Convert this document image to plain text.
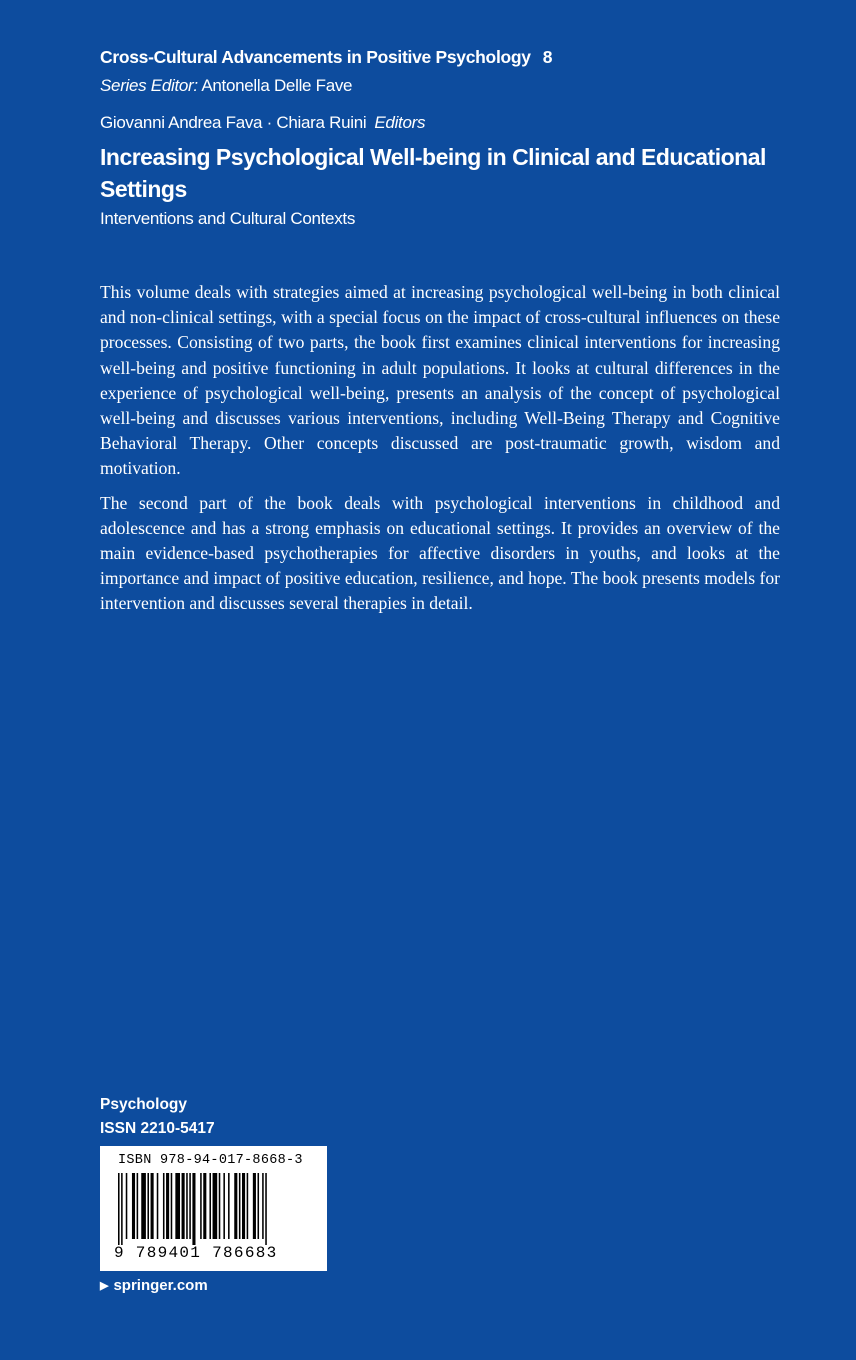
Cross-Cultural Advancements in Positive Psychology 8
Series Editor: Antonella Delle Fave
Giovanni Andrea Fava · Chiara Ruini Editors
Increasing Psychological Well-being in Clinical and Educational Settings
Interventions and Cultural Contexts

This volume deals with strategies aimed at increasing psychological well-being in both clinical and non-clinical settings, with a special focus on the impact of cross-cultural influences on these processes. Consisting of two parts, the book first examines clinical interventions for increasing well-being and positive functioning in adult populations. It looks at cultural differences in the experience of psychological well-being, presents an analysis of the concept of psychological well-being and discusses various interventions, including Well-Being Therapy and Cognitive Behavioral Therapy. Other concepts discussed are post-traumatic growth, wisdom and motivation.

The second part of the book deals with psychological interventions in childhood and adolescence and has a strong emphasis on educational settings. It provides an overview of the main evidence-based psychotherapies for affective disorders in youths, and looks at the importance and impact of positive education, resilience, and hope. The book presents models for intervention and discusses several therapies in detail.

Psychology
ISSN 2210-5417
ISBN 978-94-017-8668-3
9 789401 786683
▶ springer.com
